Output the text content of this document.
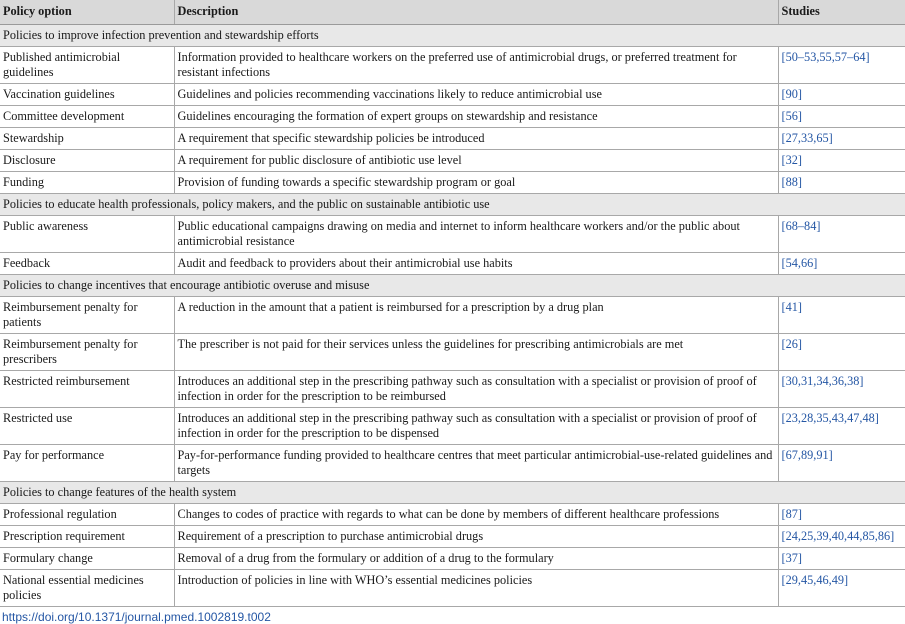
Policy option	Description	Studies
Policies to improve infection prevention and stewardship efforts		
Published antimicrobial guidelines	Information provided to healthcare workers on the preferred use of antimicrobial drugs, or preferred treatment for resistant infections	[50–53,55,57–64]
Vaccination guidelines	Guidelines and policies recommending vaccinations likely to reduce antimicrobial use	[90]
Committee development	Guidelines encouraging the formation of expert groups on stewardship and resistance	[56]
Stewardship	A requirement that specific stewardship policies be introduced	[27,33,65]
Disclosure	A requirement for public disclosure of antibiotic use level	[32]
Funding	Provision of funding towards a specific stewardship program or goal	[88]
Policies to educate health professionals, policy makers, and the public on sustainable antibiotic use		
Public awareness	Public educational campaigns drawing on media and internet to inform healthcare workers and/or the public about antimicrobial resistance	[68–84]
Feedback	Audit and feedback to providers about their antimicrobial use habits	[54,66]
Policies to change incentives that encourage antibiotic overuse and misuse		
Reimbursement penalty for patients	A reduction in the amount that a patient is reimbursed for a prescription by a drug plan	[41]
Reimbursement penalty for prescribers	The prescriber is not paid for their services unless the guidelines for prescribing antimicrobials are met	[26]
Restricted reimbursement	Introduces an additional step in the prescribing pathway such as consultation with a specialist or provision of proof of infection in order for the prescription to be reimbursed	[30,31,34,36,38]
Restricted use	Introduces an additional step in the prescribing pathway such as consultation with a specialist or provision of proof of infection in order for the prescription to be dispensed	[23,28,35,43,47,48]
Pay for performance	Pay-for-performance funding provided to healthcare centres that meet particular antimicrobial-use-related guidelines and targets	[67,89,91]
Policies to change features of the health system		
Professional regulation	Changes to codes of practice with regards to what can be done by members of different healthcare professions	[87]
Prescription requirement	Requirement of a prescription to purchase antimicrobial drugs	[24,25,39,40,44,85,86]
Formulary change	Removal of a drug from the formulary or addition of a drug to the formulary	[37]
National essential medicines policies	Introduction of policies in line with WHO’s essential medicines policies	[29,45,46,49]
https://doi.org/10.1371/journal.pmed.1002819.t002
